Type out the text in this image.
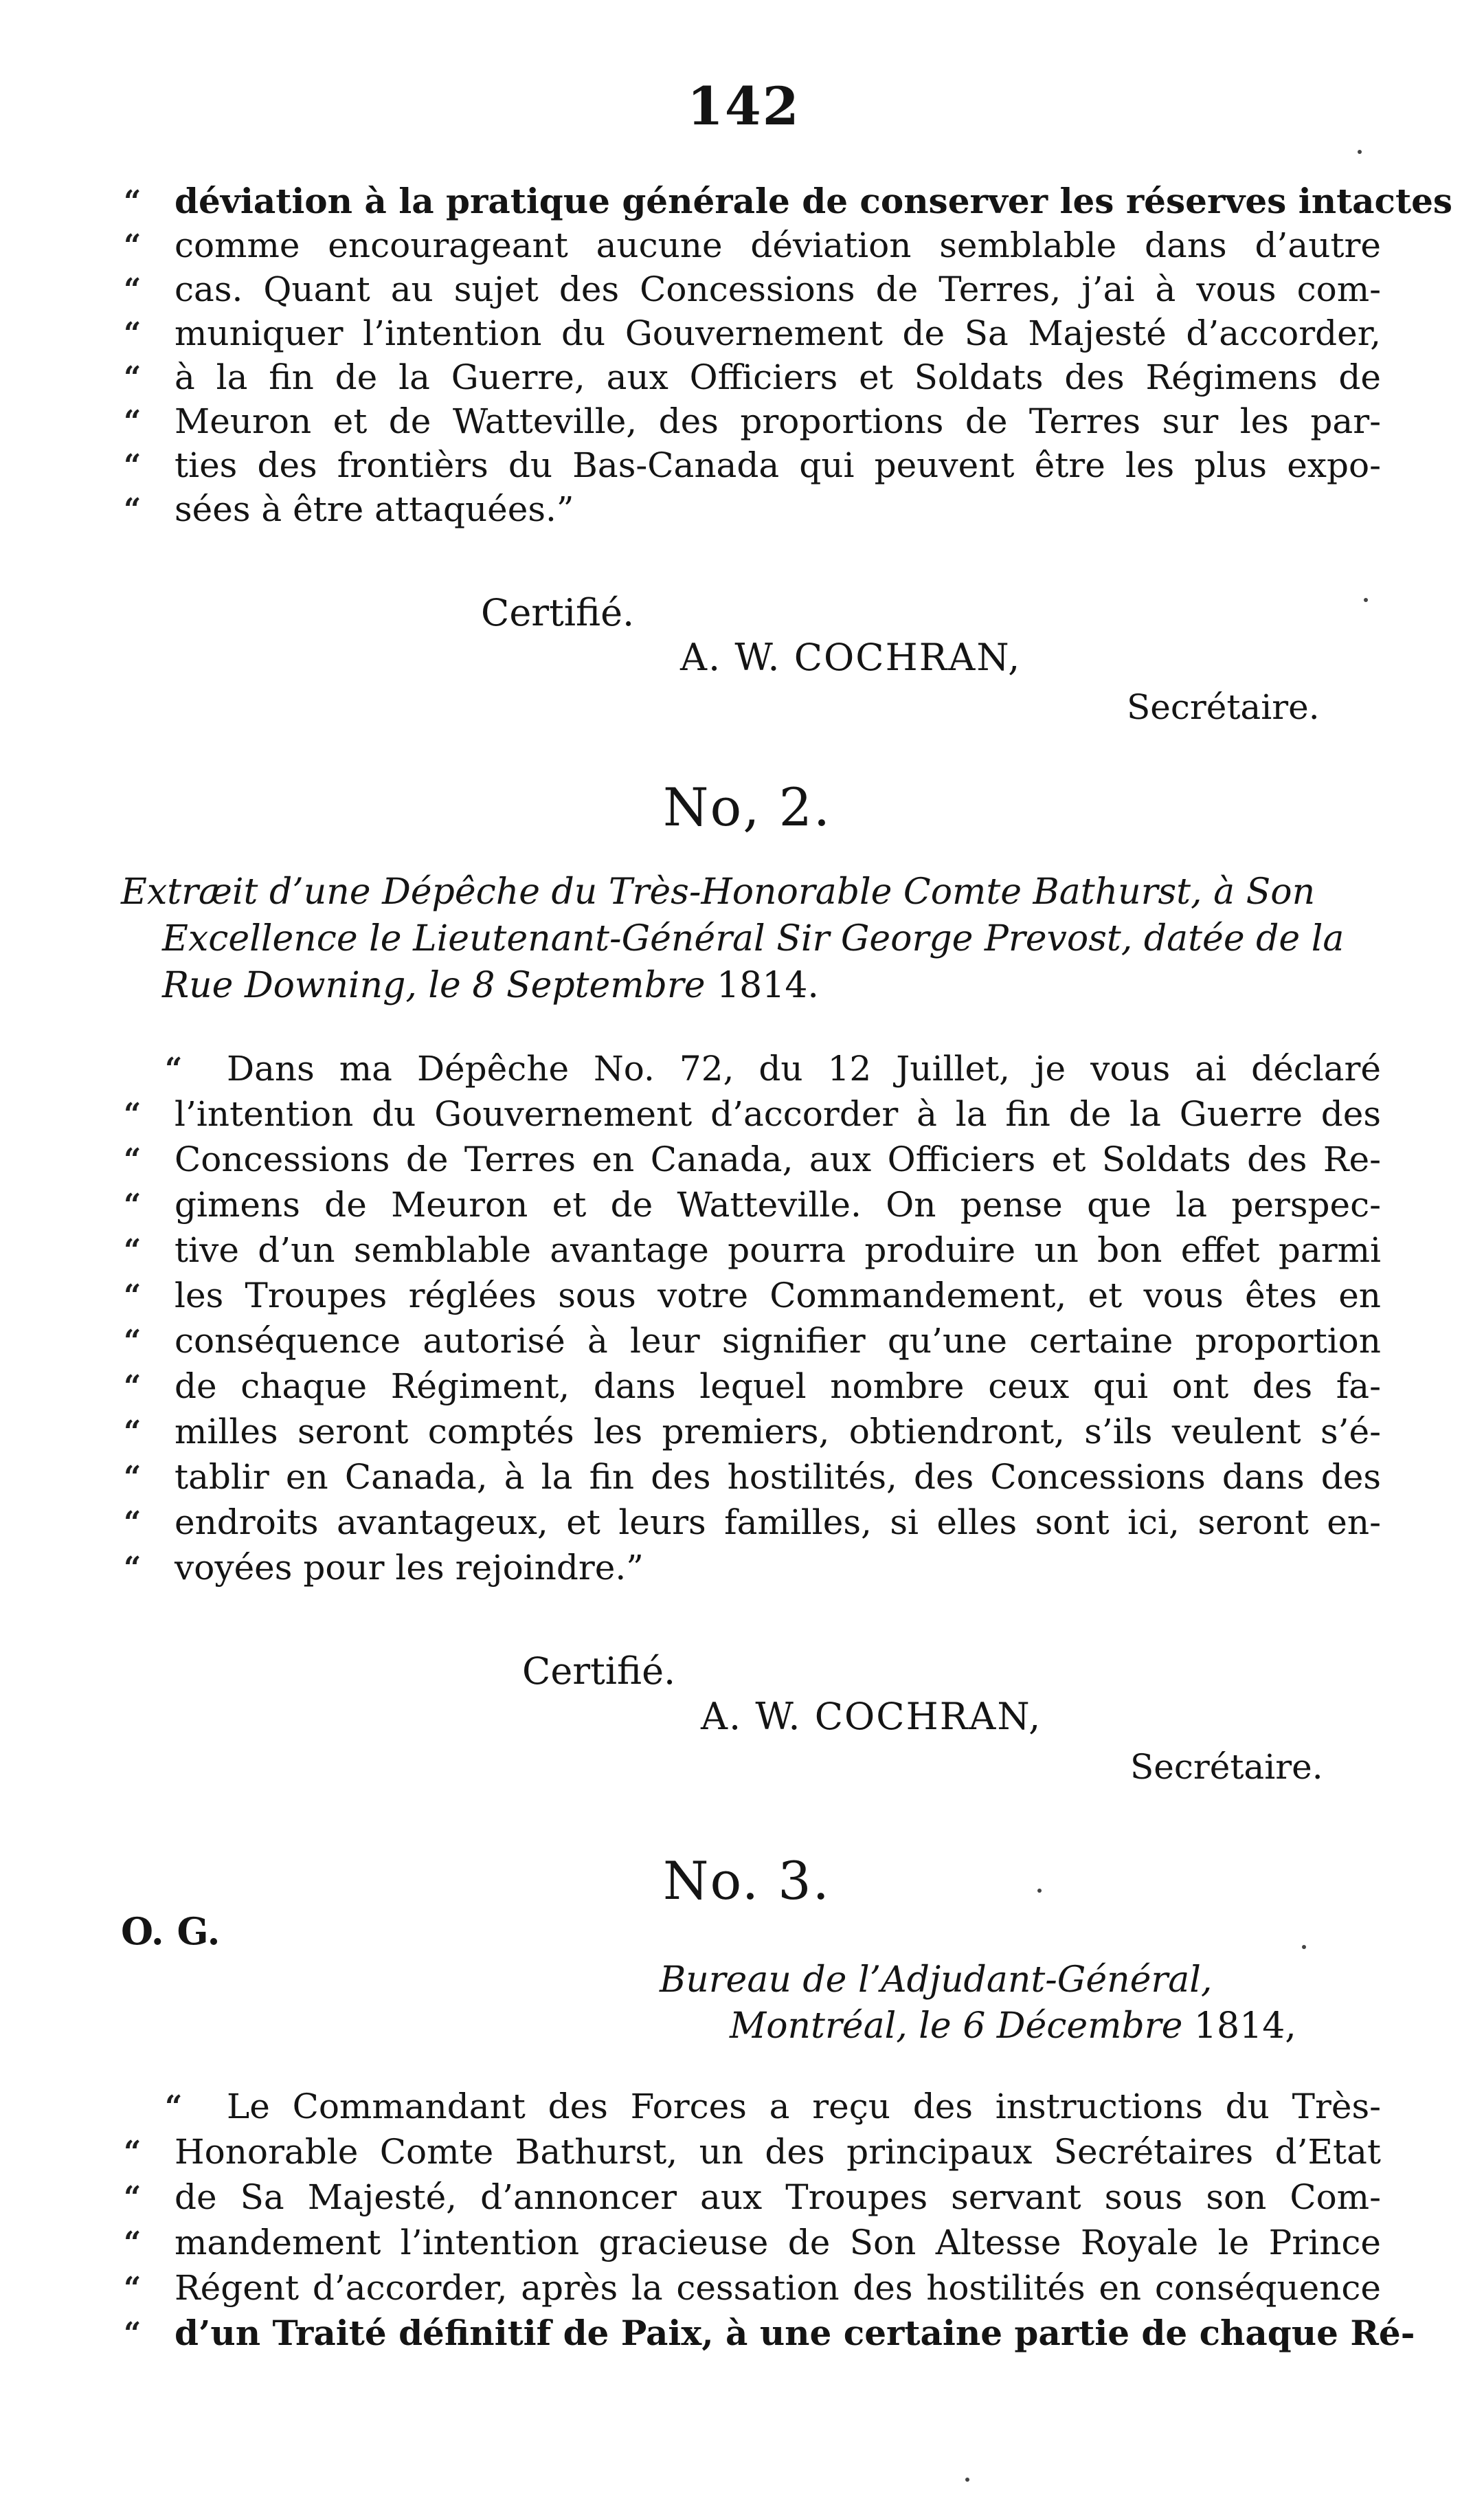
142
“ déviation à la pratique générale de conserver les réserves intactes
“ comme encourageant aucune déviation semblable dans d’autre
“ cas. Quant au sujet des Concessions de Terres, j’ai à vous com-
“ muniquer l’intention du Gouvernement de Sa Majesté d’accorder,
“ à la fin de la Guerre, aux Officiers et Soldats des Régimens de
“ Meuron et de Watteville, des proportions de Terres sur les par-
“ ties des frontièrs du Bas-Canada qui peuvent être les plus expo-
“ sées à être attaquées.”
Certifié.
A. W. COCHRAN,
Secrétaire.
No, 2.
Extræit d’une Dépêche du Très-Honorable Comte Bathurst, à Son
Excellence le Lieutenant-Général Sir George Prevost, datée de la
Rue Downing, le 8 Septembre 1814.
“ Dans ma Dépêche No. 72, du 12 Juillet, je vous ai déclaré
“ l’intention du Gouvernement d’accorder à la fin de la Guerre des
“ Concessions de Terres en Canada, aux Officiers et Soldats des Re-
“ gimens de Meuron et de Watteville. On pense que la perspec-
“ tive d’un semblable avantage pourra produire un bon effet parmi
“ les Troupes réglées sous votre Commandement, et vous êtes en
“ conséquence autorisé à leur signifier qu’une certaine proportion
“ de chaque Régiment, dans lequel nombre ceux qui ont des fa-
“ milles seront comptés les premiers, obtiendront, s’ils veulent s’é-
“ tablir en Canada, à la fin des hostilités, des Concessions dans des
“ endroits avantageux, et leurs familles, si elles sont ici, seront en-
“ voyées pour les rejoindre.”
Certifié.
A. W. COCHRAN,
Secrétaire.
No. 3.
O. G.
Bureau de l’Adjudant-Général,
Montréal, le 6 Décembre 1814,
“ Le Commandant des Forces a reçu des instructions du Très-
“ Honorable Comte Bathurst, un des principaux Secrétaires d’Etat
“ de Sa Majesté, d’annoncer aux Troupes servant sous son Com-
“ mandement l’intention gracieuse de Son Altesse Royale le Prince
“ Régent d’accorder, après la cessation des hostilités en conséquence
“ d’un Traité définitif de Paix, à une certaine partie de chaque Ré-
